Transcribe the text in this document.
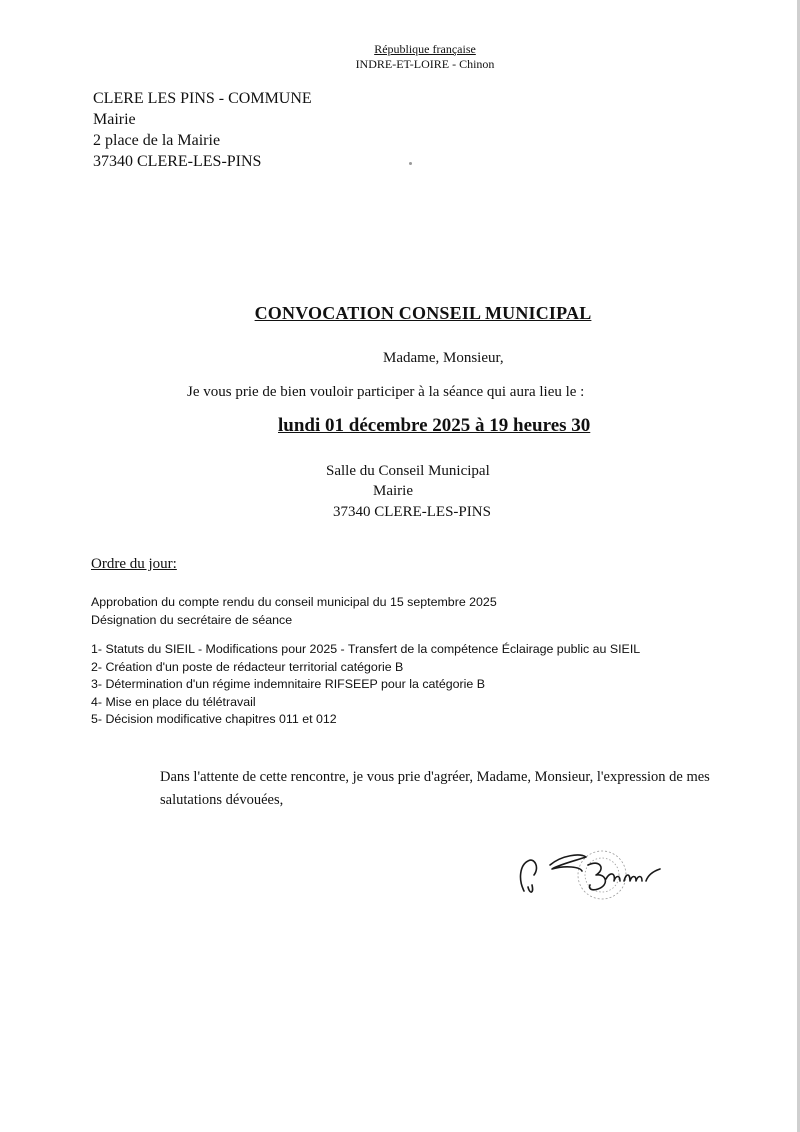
République française
INDRE-ET-LOIRE - Chinon
CLERE LES PINS - COMMUNE
Mairie
2 place de la Mairie
37340 CLERE-LES-PINS
CONVOCATION CONSEIL MUNICIPAL
Madame, Monsieur,
Je vous prie de bien vouloir participer à la séance qui aura lieu le :
lundi 01 décembre 2025 à 19 heures 30
Salle du Conseil Municipal
Mairie
37340 CLERE-LES-PINS
Ordre du jour:
Approbation du compte rendu du conseil municipal du 15 septembre 2025
Désignation du secrétaire de séance
1- Statuts du SIEIL - Modifications pour 2025 - Transfert de la compétence Éclairage public au SIEIL
2- Création d'un poste de rédacteur territorial catégorie B
3- Détermination d'un régime indemnitaire RIFSEEP pour la catégorie B
4- Mise en place du télétravail
5- Décision modificative chapitres 011 et 012
Dans l'attente de cette rencontre, je vous prie d'agréer, Madame, Monsieur, l'expression de mes salutations dévouées,
